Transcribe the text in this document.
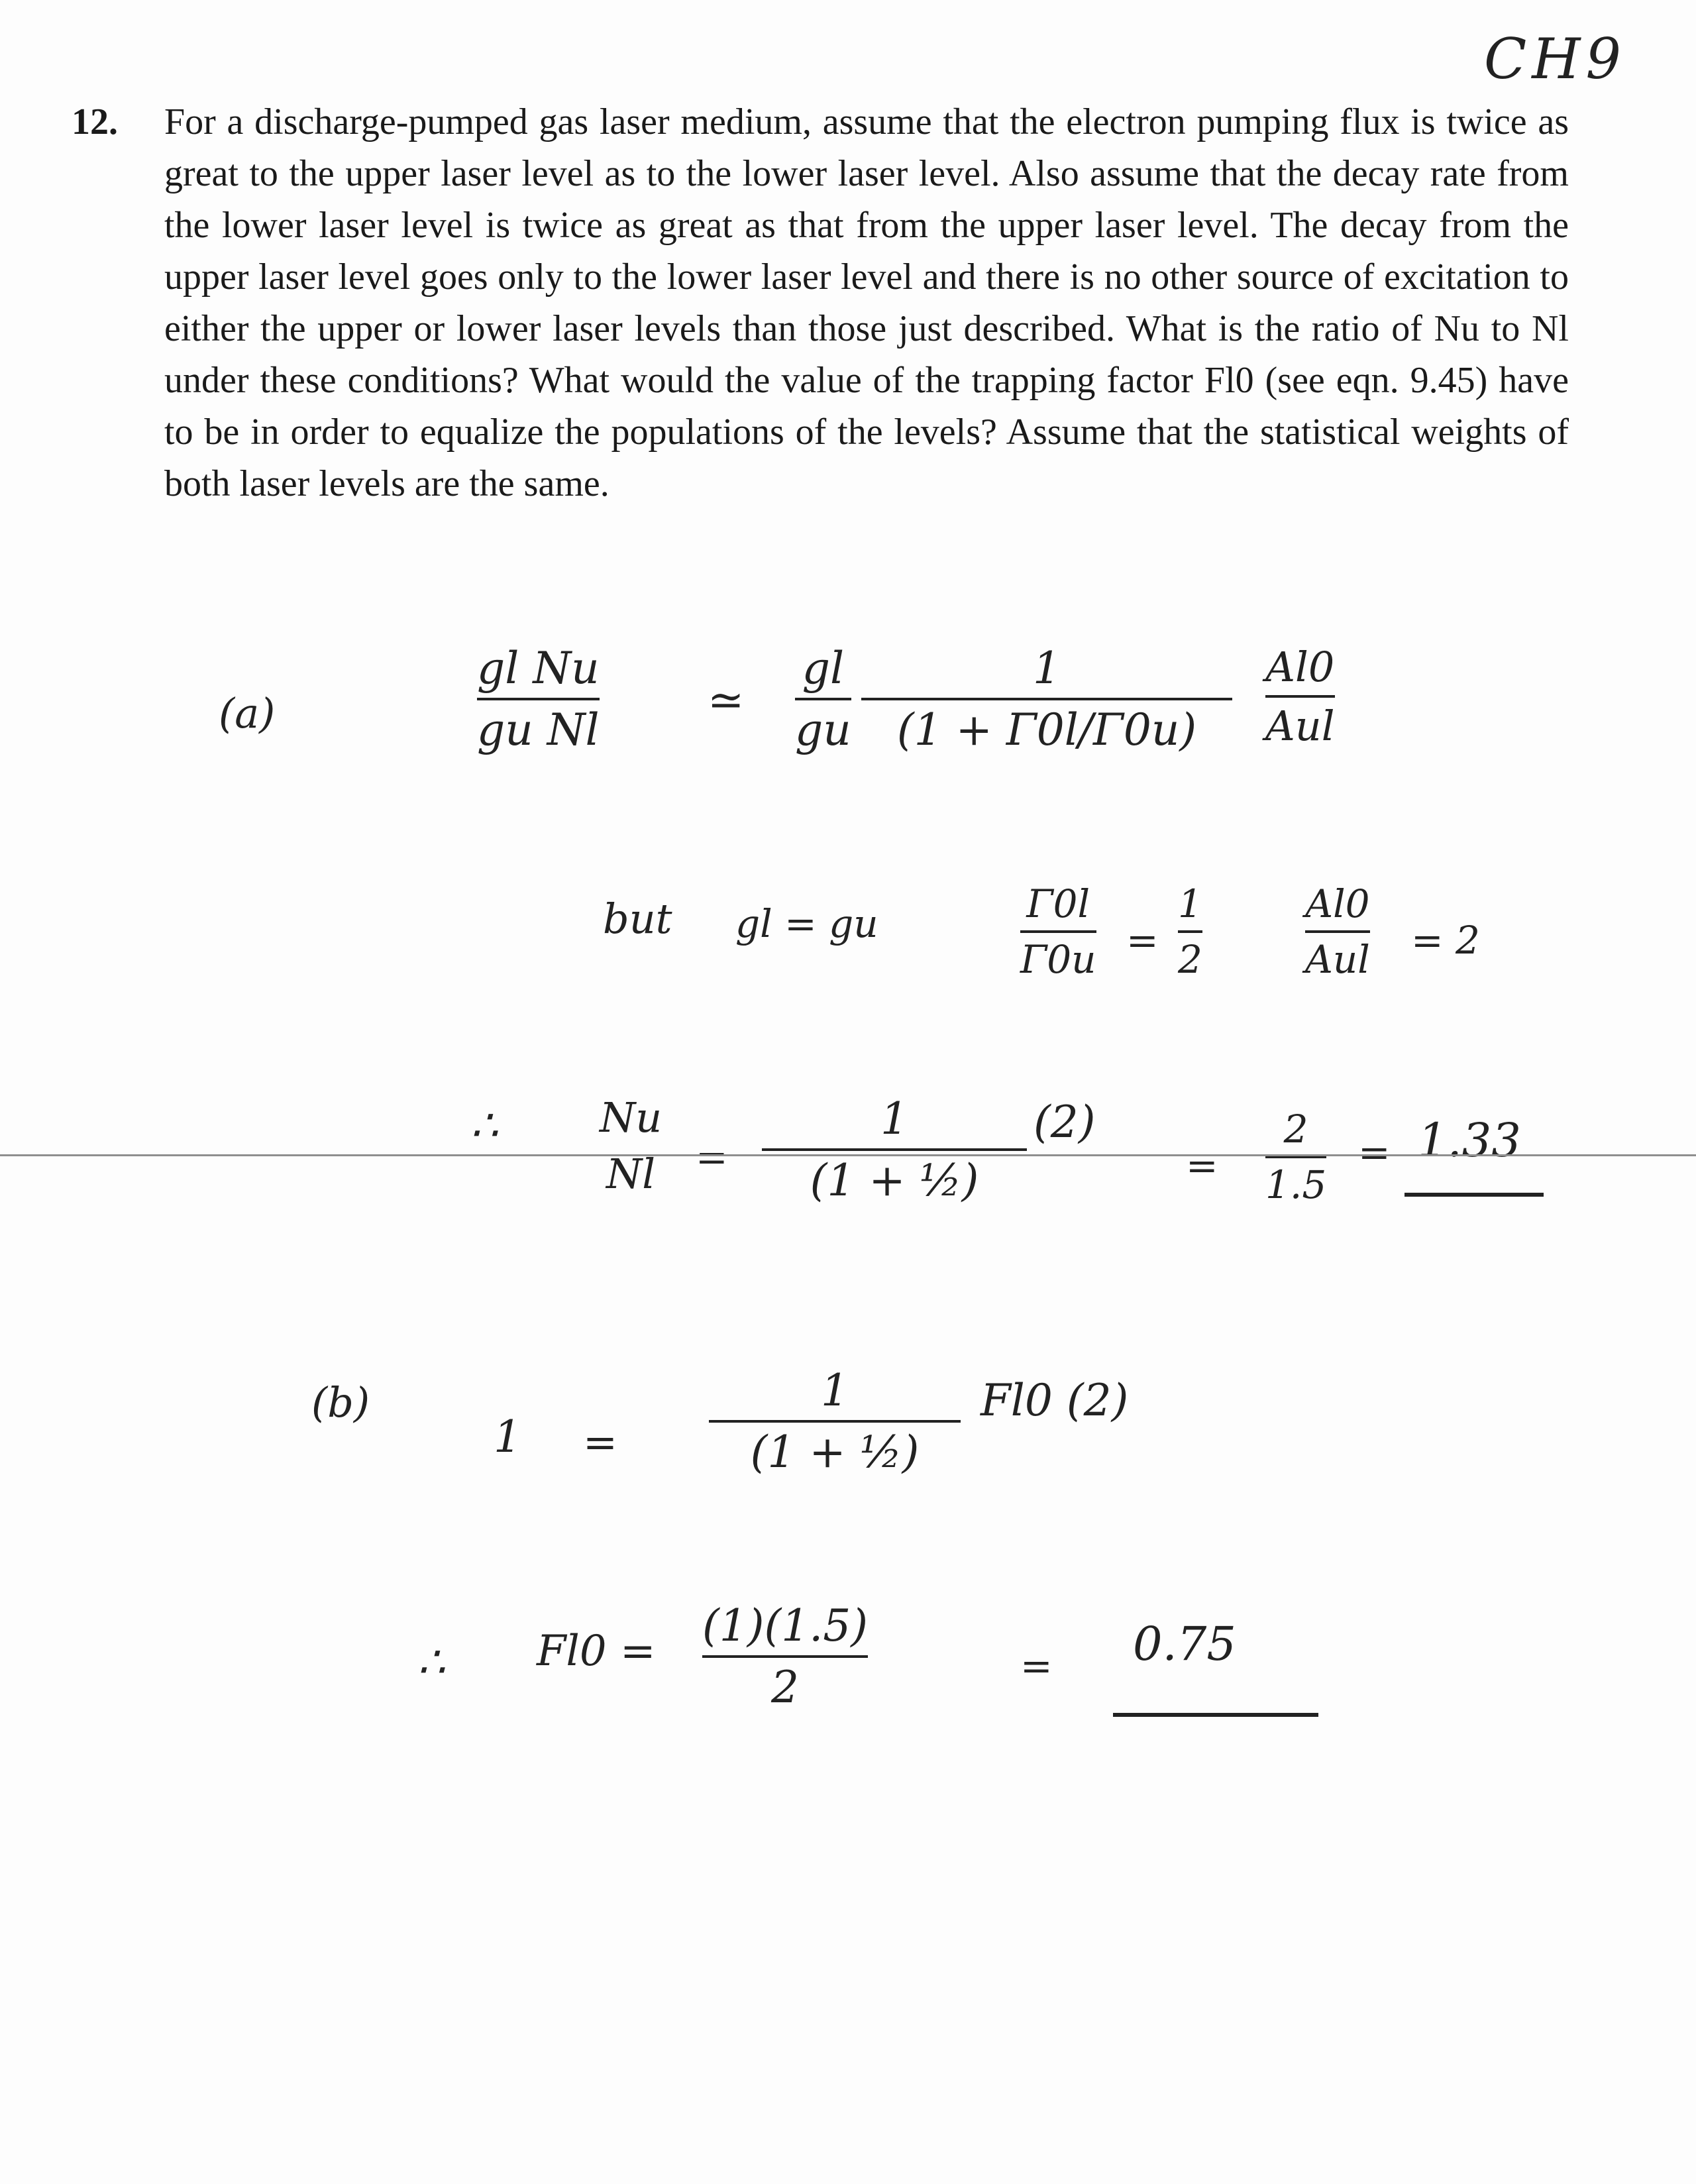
CH9
12. For a discharge-pumped gas laser medium, assume that the electron pumping flux is twice as great to the upper laser level as to the lower laser level. Also assume that the decay rate from the lower laser level is twice as great as that from the upper laser level. The decay from the upper laser level goes only to the lower laser level and there is no other source of excitation to either the upper or lower laser levels than those just described. What is the ratio of Nu to Nl under these conditions? What would the value of the trapping factor Fl0 (see eqn. 9.45) have to be in order to equalize the populations of the levels? Assume that the statistical weights of both laser levels are the same.
(a)
gl Nu
gu Nl
≃
gl
gu
1
(1 + Γ0l/Γ0u)
Al0
Aul
but gl = gu	Γ0l
Γ0u =
1
2
Al0
Aul = 2
∴ Nu
Nl =
1
(1 + ½)
(2)
=
2
1.5
= 1.33
(b)
1 =
1
(1 + ½)
Fl0 (2)
∴ Fl0 = (1)(1.5)
2	= 0.75
